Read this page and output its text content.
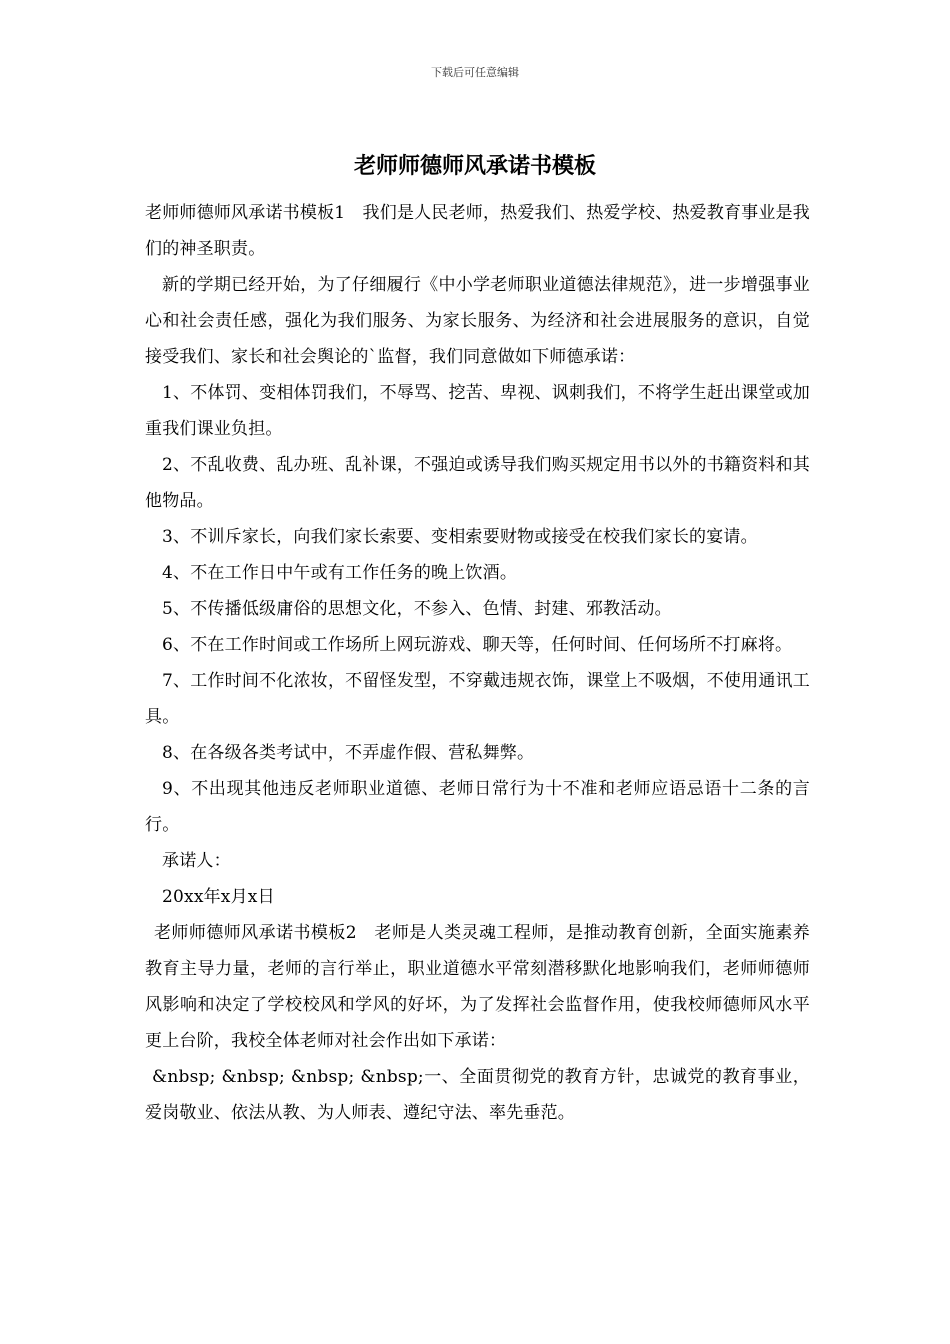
下载后可任意编辑
老师师德师风承诺书模板

老师师德师风承诺书模板1　我们是人民老师，热爱我们、热爱学校、热爱教育事业是我们的神圣职责。

新的学期已经开始，为了仔细履行《中小学老师职业道德法律规范》，进一步增强事业心和社会责任感，强化为我们服务、为家长服务、为经济和社会进展服务的意识，自觉接受我们、家长和社会舆论的`监督，我们同意做如下师德承诺：

1、不体罚、变相体罚我们，不辱骂、挖苦、卑视、讽刺我们，不将学生赶出课堂或加重我们课业负担。

2、不乱收费、乱办班、乱补课，不强迫或诱导我们购买规定用书以外的书籍资料和其他物品。

3、不训斥家长，向我们家长索要、变相索要财物或接受在校我们家长的宴请。

4、不在工作日中午或有工作任务的晚上饮酒。

5、不传播低级庸俗的思想文化，不参入、色情、封建、邪教活动。

6、不在工作时间或工作场所上网玩游戏、聊天等，任何时间、任何场所不打麻将。

7、工作时间不化浓妆，不留怪发型，不穿戴违规衣饰，课堂上不吸烟，不使用通讯工具。

8、在各级各类考试中，不弄虚作假、营私舞弊。

9、不出现其他违反老师职业道德、老师日常行为十不准和老师应语忌语十二条的言行。

承诺人：

20xx年x月x日

老师师德师风承诺书模板2　老师是人类灵魂工程师，是推动教育创新，全面实施素养教育主导力量，老师的言行举止，职业道德水平常刻潜移默化地影响我们，老师师德师风影响和决定了学校校风和学风的好坏，为了发挥社会监督作用，使我校师德师风水平更上台阶，我校全体老师对社会作出如下承诺：

&nbsp; &nbsp; &nbsp; &nbsp;一、全面贯彻党的教育方针，忠诚党的教育事业，爱岗敬业、依法从教、为人师表、遵纪守法、率先垂范。
